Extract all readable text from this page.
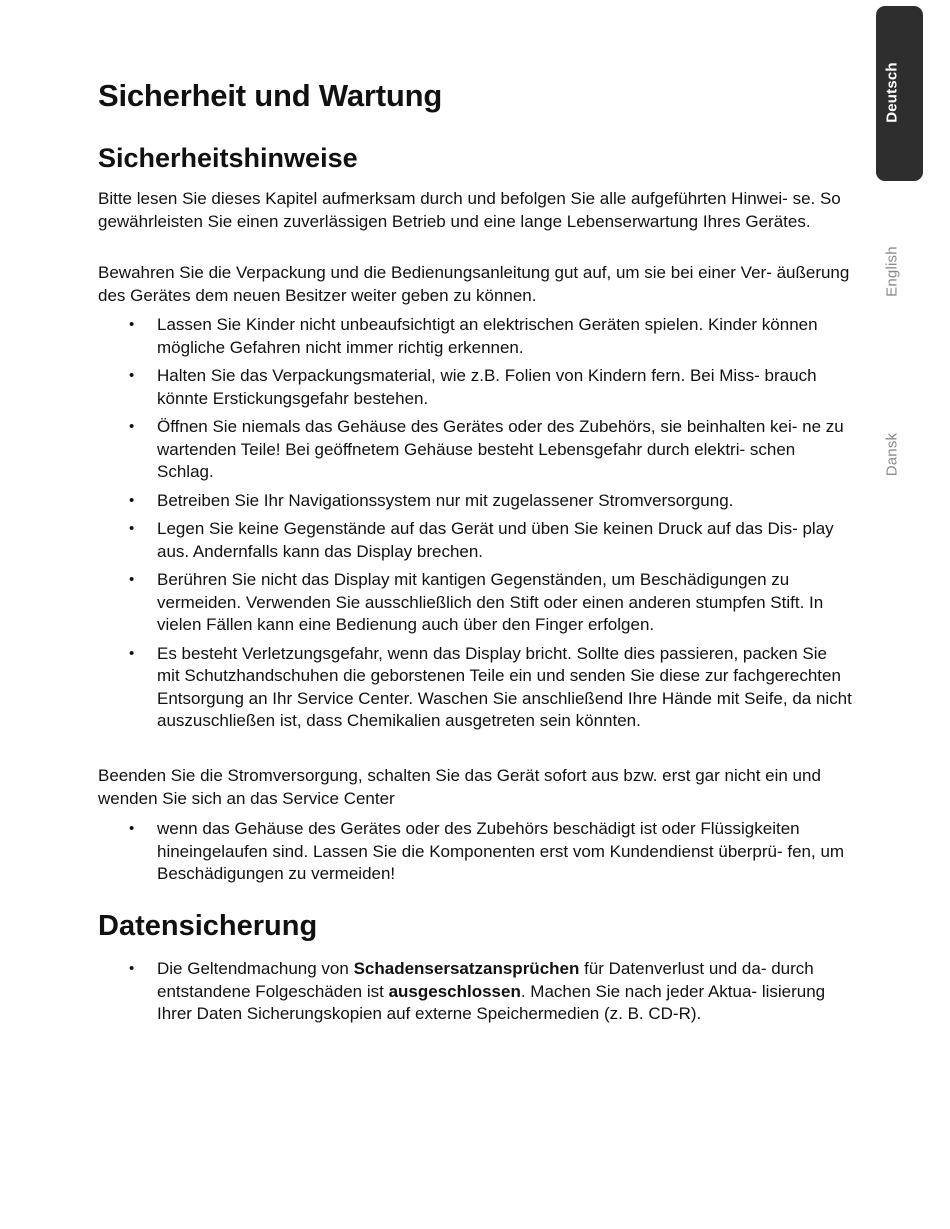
Deutsch
English
Dansk
Sicherheit und Wartung
Sicherheitshinweise

Bitte lesen Sie dieses Kapitel aufmerksam durch und befolgen Sie alle aufgeführten Hinwei- se. So gewährleisten Sie einen zuverlässigen Betrieb und eine lange Lebenserwartung Ihres Gerätes.

Bewahren Sie die Verpackung und die Bedienungsanleitung gut auf, um sie bei einer Ver- äußerung des Gerätes dem neuen Besitzer weiter geben zu können.

• Lassen Sie Kinder nicht unbeaufsichtigt an elektrischen Geräten spielen. Kinder können mögliche Gefahren nicht immer richtig erkennen.
• Halten Sie das Verpackungsmaterial, wie z.B. Folien von Kindern fern. Bei Miss- brauch könnte Erstickungsgefahr bestehen.
• Öffnen Sie niemals das Gehäuse des Gerätes oder des Zubehörs, sie beinhalten kei- ne zu wartenden Teile! Bei geöffnetem Gehäuse besteht Lebensgefahr durch elektri- schen Schlag.
• Betreiben Sie Ihr Navigationssystem nur mit zugelassener Stromversorgung.
• Legen Sie keine Gegenstände auf das Gerät und üben Sie keinen Druck auf das Dis- play aus. Andernfalls kann das Display brechen.
• Berühren Sie nicht das Display mit kantigen Gegenständen, um Beschädigungen zu vermeiden. Verwenden Sie ausschließlich den Stift oder einen anderen stumpfen Stift. In vielen Fällen kann eine Bedienung auch über den Finger erfolgen.
• Es besteht Verletzungsgefahr, wenn das Display bricht. Sollte dies passieren, packen Sie mit Schutzhandschuhen die geborstenen Teile ein und senden Sie diese zur fachgerechten Entsorgung an Ihr Service Center. Waschen Sie anschließend Ihre Hände mit Seife, da nicht auszuschließen ist, dass Chemikalien ausgetreten sein könnten.

Beenden Sie die Stromversorgung, schalten Sie das Gerät sofort aus bzw. erst gar nicht ein und wenden Sie sich an das Service Center

• wenn das Gehäuse des Gerätes oder des Zubehörs beschädigt ist oder Flüssigkeiten hineingelaufen sind. Lassen Sie die Komponenten erst vom Kundendienst überprü- fen, um Beschädigungen zu vermeiden!
Datensicherung
• Die Geltendmachung von Schadensersatzansprüchen für Datenverlust und da- durch entstandene Folgeschäden ist ausgeschlossen. Machen Sie nach jeder Aktua- lisierung Ihrer Daten Sicherungskopien auf externe Speichermedien (z. B. CD-R).
